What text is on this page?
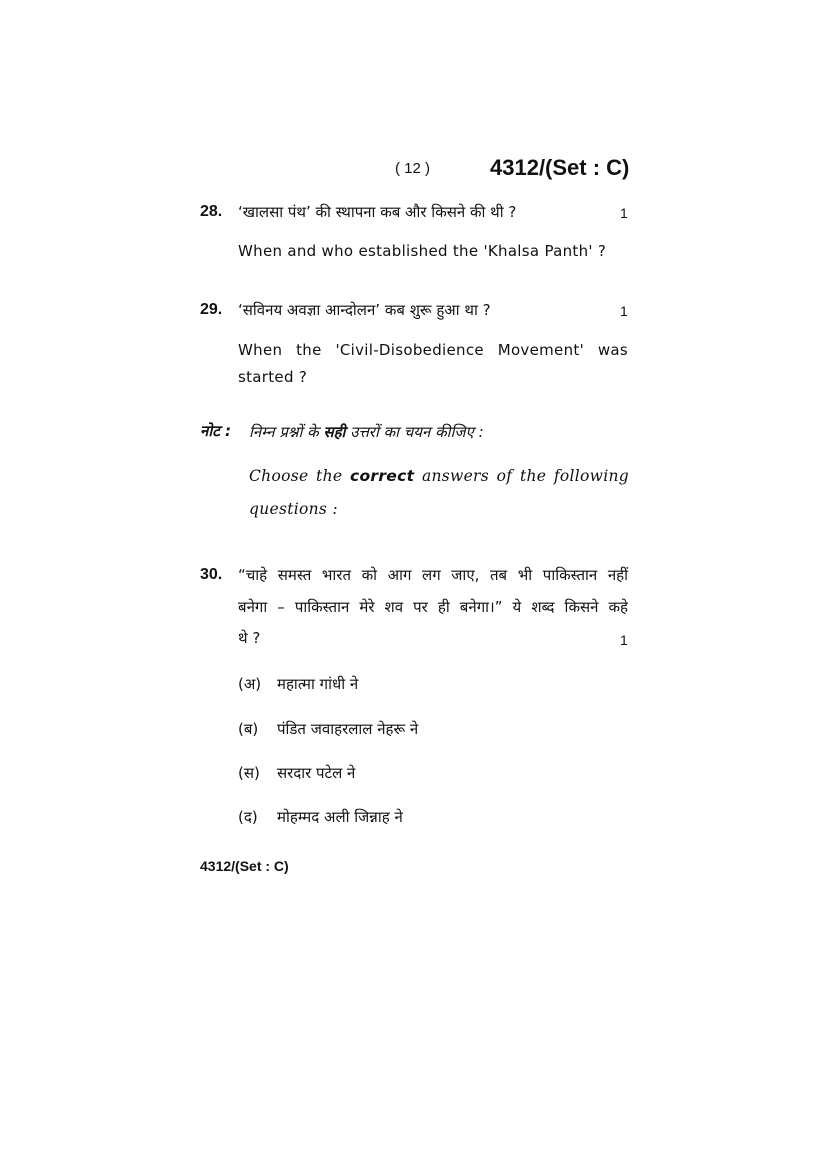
( 12 )	4312/(Set : C)
28. ‘खालसा पंथ’ की स्थापना कब और किसने की थी ?	1
When and who established the 'Khalsa Panth' ?
29. ‘सविनय अवज्ञा आन्दोलन’ कब शुरू हुआ था ?	1
When the 'Civil-Disobedience Movement' was
started ?
नोट : निम्न प्रश्नों के सही उत्तरों का चयन कीजिए :
Choose the correct answers of the following
questions :
30. “चाहे समस्त भारत को आग लग जाए, तब भी पाकिस्तान नहीं
बनेगा – पाकिस्तान मेरे शव पर ही बनेगा।” ये शब्द किसने कहे
थे ?	1
(अ) महात्मा गांधी ने
(ब) पंडित जवाहरलाल नेहरू ने
(स) सरदार पटेल ने
(द) मोहम्मद अली जिन्नाह ने
4312/(Set : C)
